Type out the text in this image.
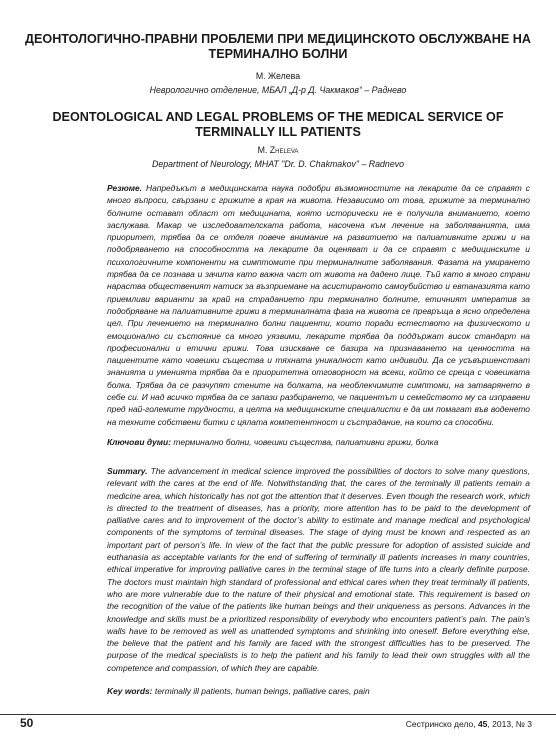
ДЕОНТОЛОГИЧНО-ПРАВНИ ПРОБЛЕМИ ПРИ МЕДИЦИНСКОТО ОБСЛУЖВАНЕ НА ТЕРМИНАЛНО БОЛНИ

М. Желева

Неврологично отделение, МБАЛ „Д-р Д. Чакмаков“ – Раднево

DEONTOLOGICAL AND LEGAL PROBLEMS OF THE MEDICAL SERVICE OF TERMINALLY ILL PATIENTS

M. Zheleva

Department of Neurology, MHAT "Dr. D. Chakmakov" – Radnevo

Резюме. Напредъкът в медицинската наука подобри възможностите на лекарите да се справят с много въпроси, свързани с грижите в края на живота. Независимо от това, грижите за терминално болните остават област от медицината, която исторически не е получила вниманието, което заслужава. Макар че изследователската работа, насочена към лечение на заболяванията, има приоритет, трябва да се отделя повече внимание на развитието на палиативните грижи и на подобряването на способността на лекарите да оценяват и да се справят с медицинските и психологичните компоненти на симптомите при терминалните заболявания. Фазата на умирането трябва да се познава и зачита като важна част от живота на дадено лице. Тъй като в много страни нараства общественият натиск за възприемане на асистираното самоубийство и евтаназията като приемливи варианти за край на страданието при терминално болните, етичният императив за подобряване на палиативните грижи в терминалната фаза на живота се превръща в ясно определена цел. При лечението на терминално болни пациенти, които поради естеството на физическото и емоционално си състояние са много уязвими, лекарите трябва да поддържат висок стандарт на професионални и етични грижи. Това изискване се базира на признаването на ценността на пациентите като човешки същества и тяхната уникалност като индивиди. Да се усъвършенстват знанията и уменията трябва да е приоритетна отговорност на всеки, който се среща с човешката болка. Трябва да се разчупят стените на болката, на необлекчимите симптоми, на затварянето в себе си. И над всичко трябва да се запази разбирането, че пациентът и семейството му са изправени пред най-големите трудности, а целта на медицинските специалисти е да им помагат във воденето на техните собствени битки с цялата компетентност и състрадание, на които са способни.

Ключови думи: терминално болни, човешки същества, палиативни грижи, болка

Summary. The advancement in medical science improved the possibilities of doctors to solve many questions, relevant with the cares at the end of life. Notwithstanding that, the cares of the terminally ill patients remain a medicine area, which historically has not got the attention that it deserves. Even though the research work, which is directed to the treatment of diseases, has a priority, more attention has to be paid to the development of palliative cares and to improvement of the doctor’s ability to estimate and manage medical and psychological components of the symptoms of terminal diseases. The stage of dying must be known and respected as an important part of person’s life. In view of the fact that the public pressure for adoption of assisted suicide and euthanasia as acceptable variants for the end of suffering of terminally ill patients increases in many countries, ethical imperative for improving palliative cares in the terminal stage of life turns into a clearly definite purpose. The doctors must maintain high standard of professional and ethical cares when they treat terminally ill patients, who are more vulnerable due to the nature of their physical and emotional state. This requirement is based on the recognition of the value of the patients like human beings and their uniqueness as persons. Advances in the knowledge and skills must be a prioritized responsibility of everybody who encounters patient’s pain. The pain’s walls have to be removed as well as unattended symptoms and shrinking into oneself. Before everything else, the believe that the patient and his family are faced with the strongest difficulties has to be preserved. The purpose of the medical specialists is to help the patient and his family to lead their own struggles with all the competence and compassion, of which they are capable.

Key words: terminally ill patients, human beings, palliative cares, pain

50	Сестринско дело, 45, 2013, № 3
